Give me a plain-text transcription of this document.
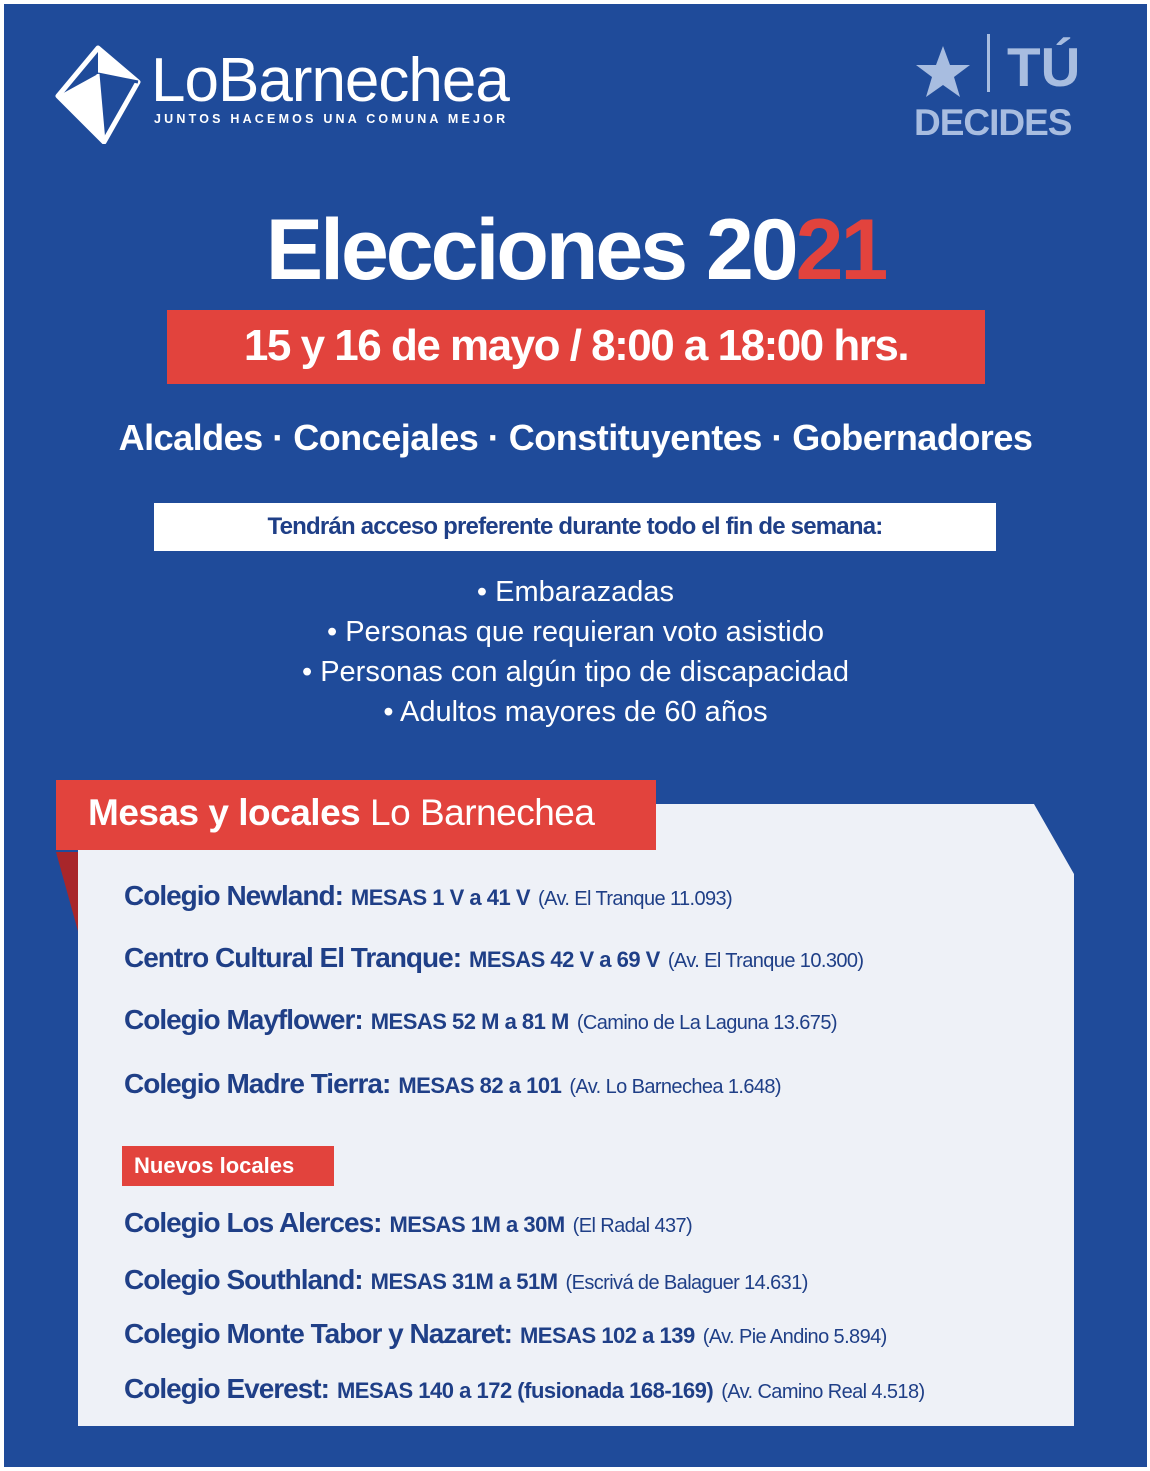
LoBarnechea
JUNTOS HACEMOS UNA COMUNA MEJOR
TÚ
DECIDES
Elecciones 2021
15 y 16 de mayo / 8:00 a 18:00 hrs.
Alcaldes · Concejales · Constituyentes · Gobernadores
Tendrán acceso preferente durante todo el fin de semana:
• Embarazadas
• Personas que requieran voto asistido
• Personas con algún tipo de discapacidad
• Adultos mayores de 60 años
Mesas y locales Lo Barnechea
Colegio Newland: MESAS 1 V a 41 V (Av. El Tranque 11.093)
Centro Cultural El Tranque: MESAS 42 V a 69 V (Av. El Tranque 10.300)
Colegio Mayflower: MESAS 52 M a 81 M (Camino de La Laguna 13.675)
Colegio Madre Tierra: MESAS 82 a 101 (Av. Lo Barnechea 1.648)
Nuevos locales
Colegio Los Alerces: MESAS 1M a 30M (El Radal 437)
Colegio Southland: MESAS 31M a 51M (Escrivá de Balaguer 14.631)
Colegio Monte Tabor y Nazaret: MESAS 102 a 139 (Av. Pie Andino 5.894)
Colegio Everest: MESAS 140 a 172 (fusionada 168-169) (Av. Camino Real 4.518)
